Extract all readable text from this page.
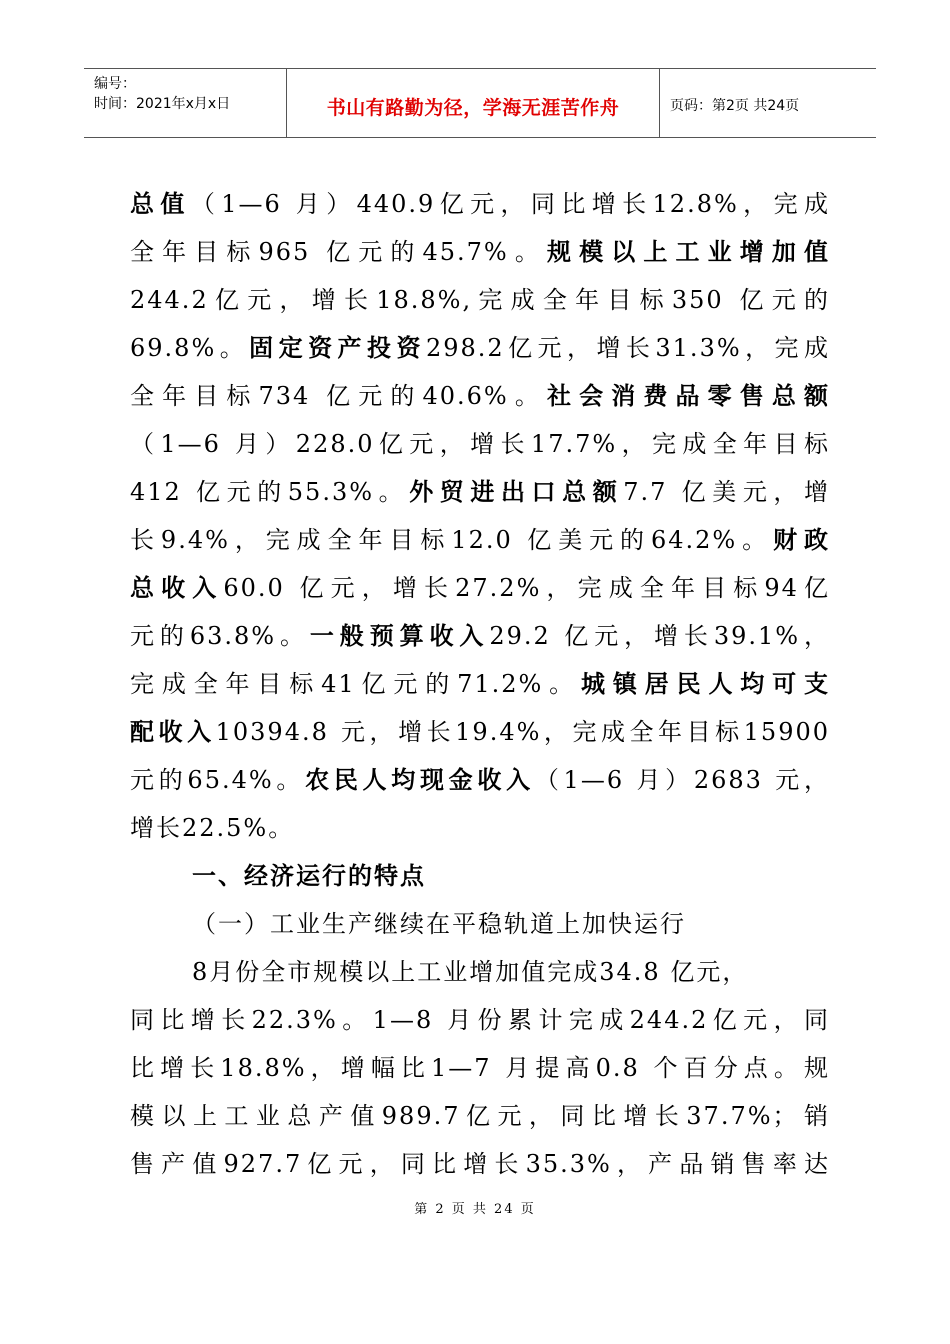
编号：
时间：2021年x月x日	书山有路勤为径，学海无涯苦作舟	页码：第2页 共24页
总值（1—6 月）440.9亿元，同比增长12.8%，完成
全年目标965 亿元的45.7%。规模以上工业增加值
244.2亿元，增长18.8%,完成全年目标350 亿元的
69.8%。固定资产投资298.2亿元，增长31.3%，完成
全年目标734 亿元的40.6%。社会消费品零售总额
（1—6 月）228.0亿元，增长17.7%，完成全年目标
412 亿元的55.3%。外贸进出口总额7.7 亿美元，增
长9.4%，完成全年目标12.0 亿美元的64.2%。财政
总收入60.0 亿元，增长27.2%，完成全年目标94亿
元的63.8%。一般预算收入29.2 亿元，增长39.1%，
完成全年目标41亿元的71.2%。城镇居民人均可支
配收入10394.8 元，增长19.4%，完成全年目标15900
元的65.4%。农民人均现金收入（1—6 月）2683 元，
增长22.5%。
一、经济运行的特点
（一）工业生产继续在平稳轨道上加快运行
8月份全市规模以上工业增加值完成34.8 亿元，
同比增长22.3%。1—8 月份累计完成244.2亿元，同
比增长18.8%，增幅比1—7 月提高0.8 个百分点。规
模以上工业总产值989.7亿元，同比增长37.7%；销
售产值927.7亿元，同比增长35.3%，产品销售率达
第 2 页 共 24 页
